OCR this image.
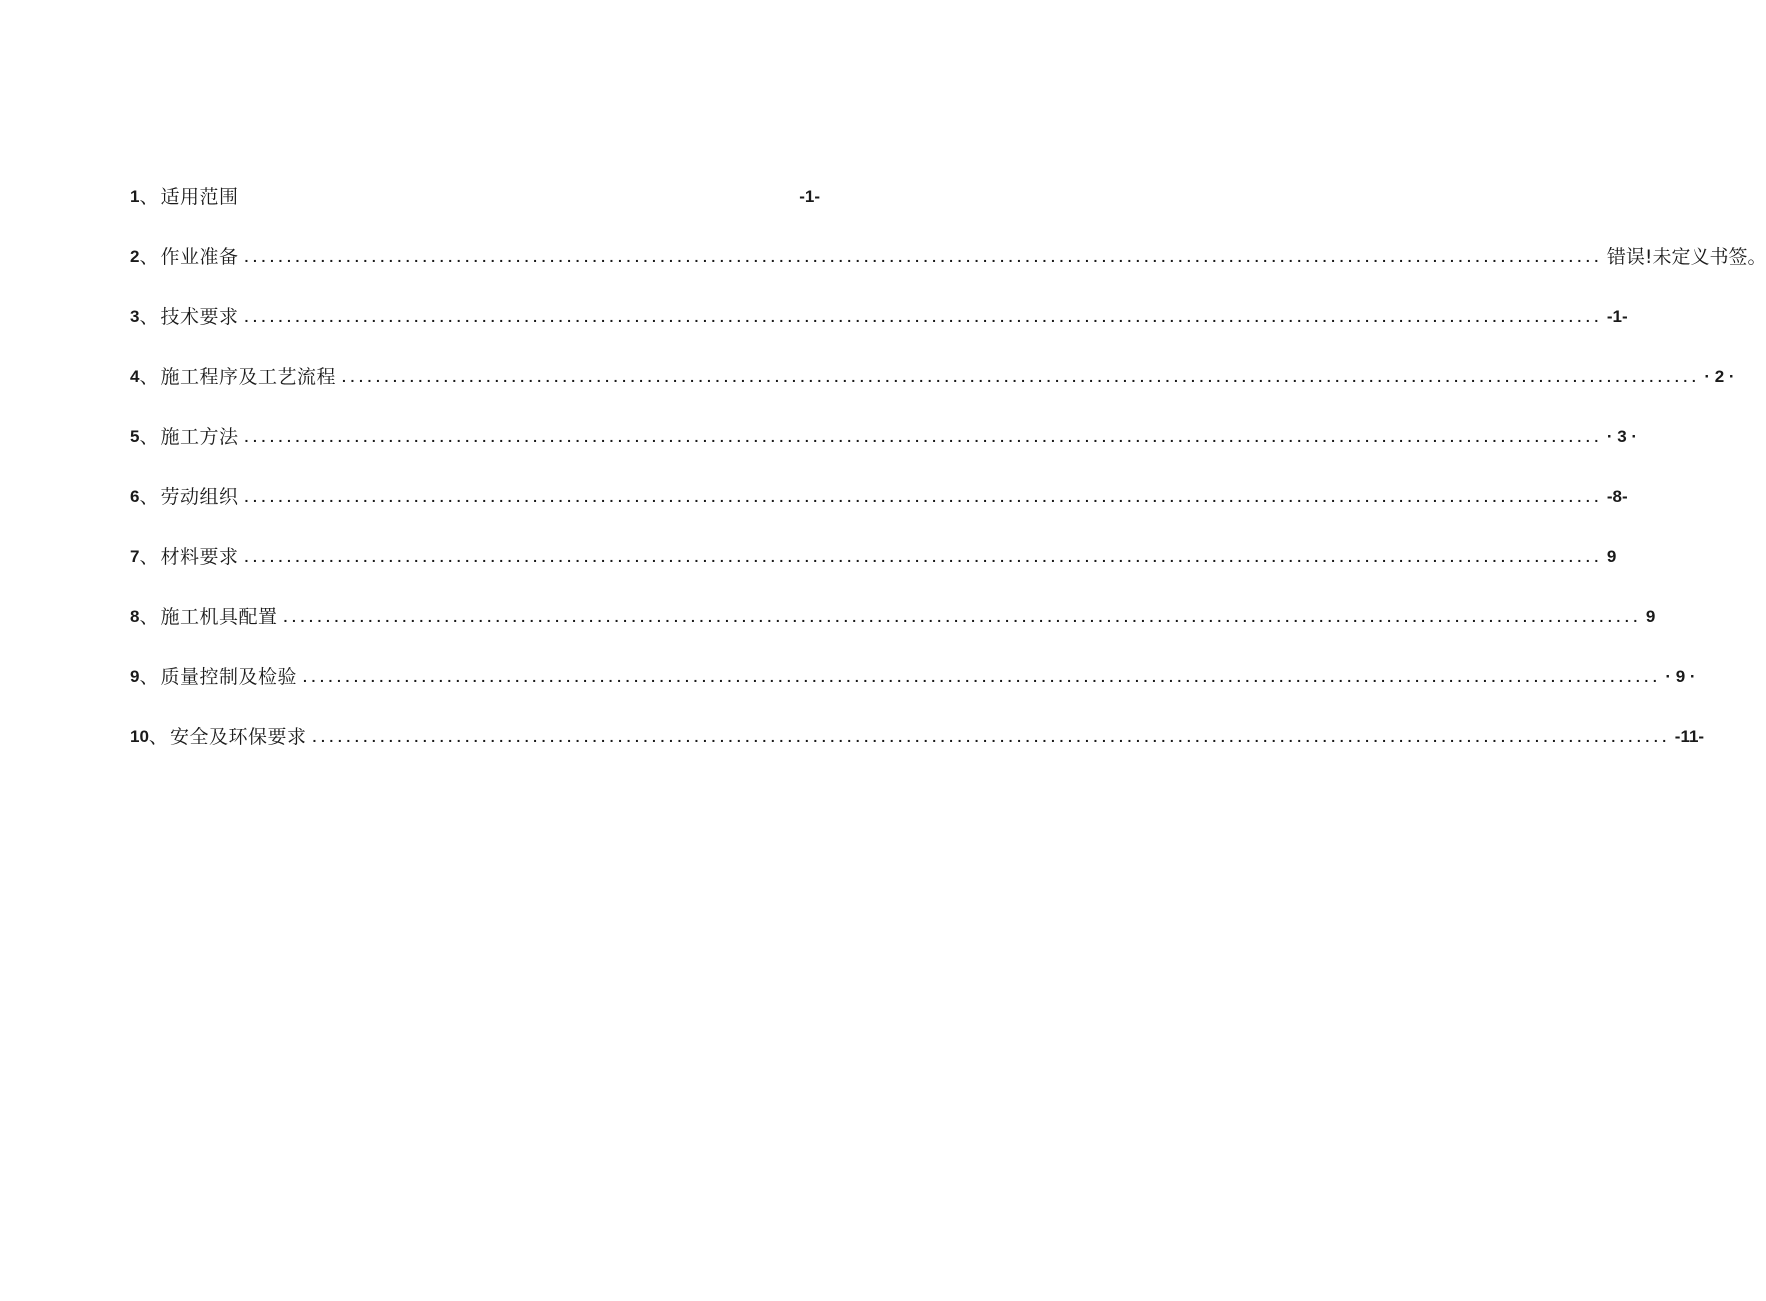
1 、 适用范围	-1-
2 、 作业准备 ................................................................................................................................................................ 错误!未定义书签。
3 、 技术要求 ................................................................................................................................................................ -1-
4 、 施工程序及工艺流程 ................................................................................................................................................................ · 2 ·
5 、 施工方法 ................................................................................................................................................................ · 3 ·
6 、 劳动组织 ................................................................................................................................................................ -8-
7 、 材料要求 ................................................................................................................................................................ 9
8 、 施工机具配置 ................................................................................................................................................................ 9
9 、 质量控制及检验 ................................................................................................................................................................ · 9 ·
10 、 安全及环保要求 ................................................................................................................................................................ -11-
